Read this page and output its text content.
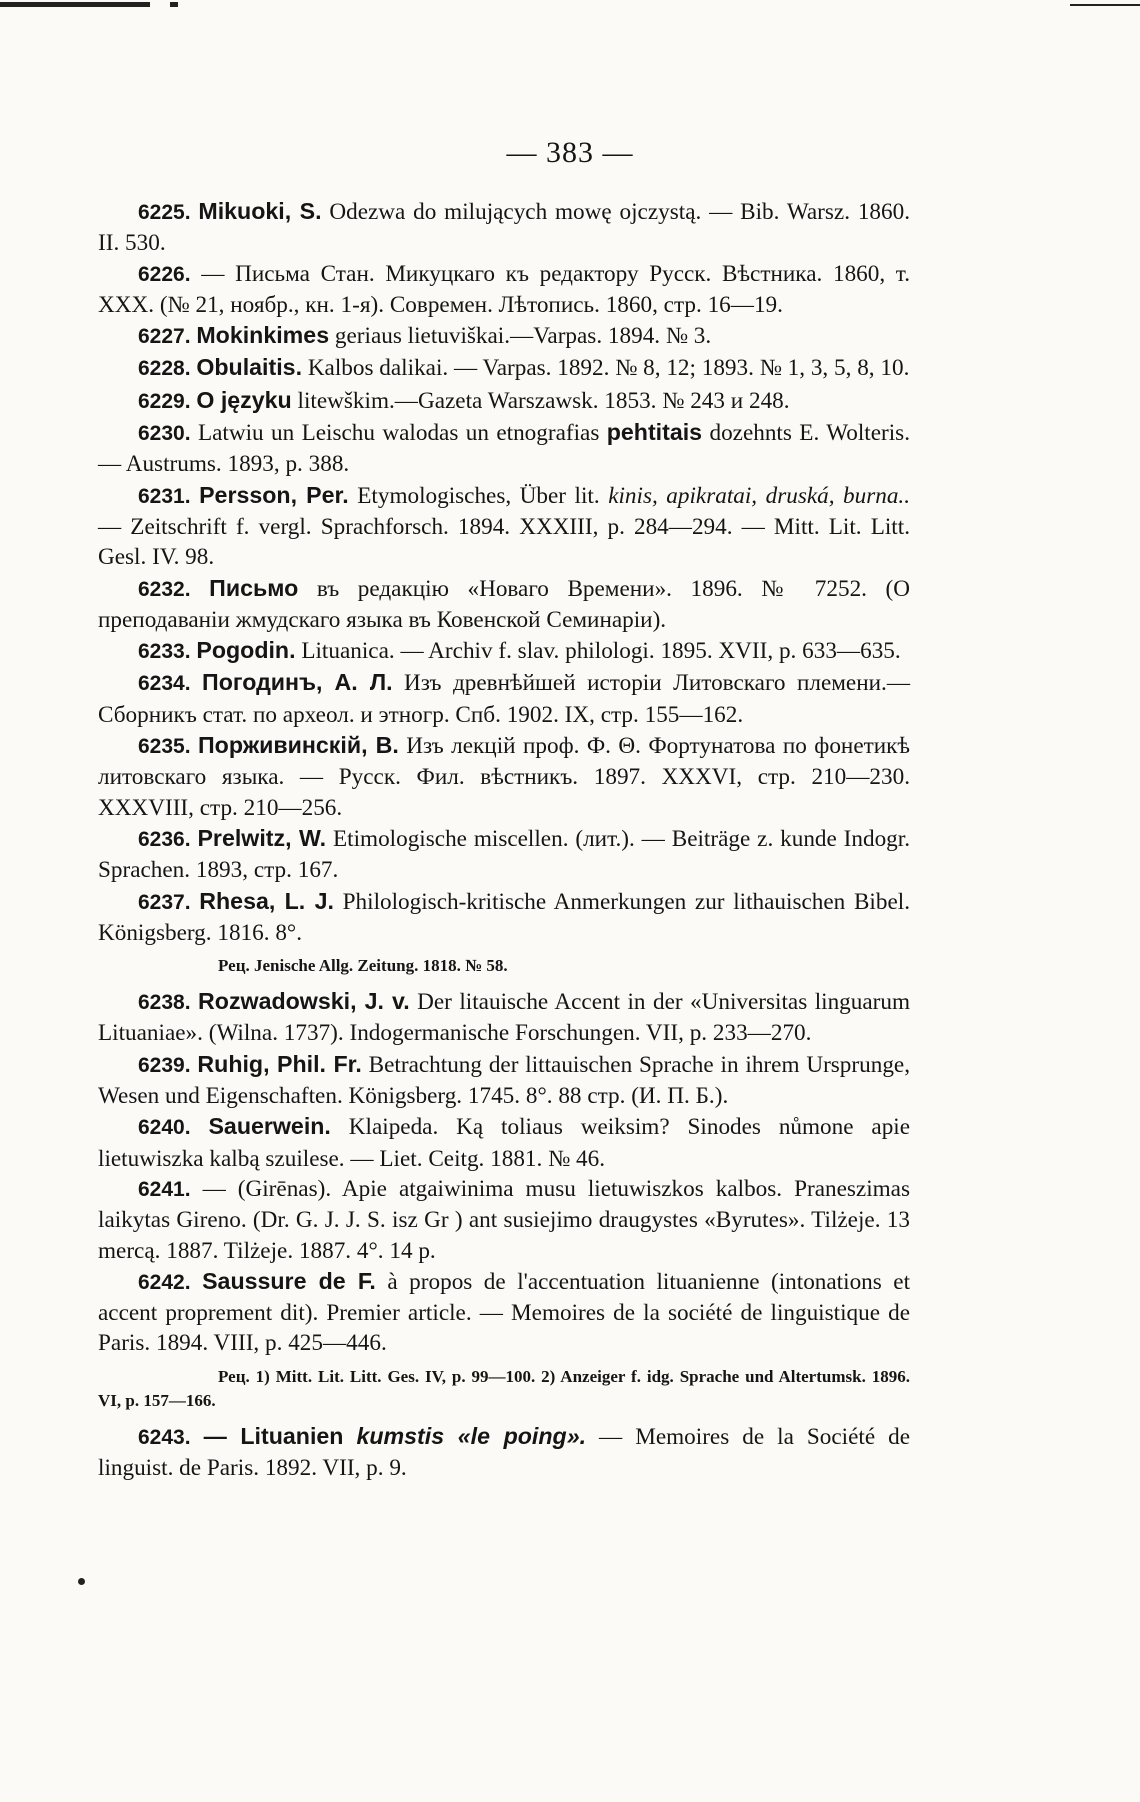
— 383 —

6225. Mikuoki, S. Odezwa do milujących mowę ojczystą. — Bib. Warsz. 1860. II. 530.

6226. — Письма Стан. Микуцкаго къ редактору Русск. Вѣстника. 1860, т. XXX. (№ 21, ноябр., кн. 1-я). Современ. Лѣтопись. 1860, стр. 16—19.

6227. Mokinkimes geriaus lietuviškai.—Varpas. 1894. № 3.

6228. Obulaitis. Kalbos dalikai. — Varpas. 1892. № 8, 12; 1893. № 1, 3, 5, 8, 10.

6229. O języku litewškim.—Gazeta Warszawsk. 1853. № 243 и 248.

6230. Latwiu un Leischu walodas un etnografias pehtitais dozehnts E. Wolteris. — Austrums. 1893, p. 388.

6231. Persson, Per. Etymologisches, Über lit. kinis, apikratai, druská, burna.. — Zeitschrift f. vergl. Sprachforsch. 1894. XXXIII, p. 284—294. — Mitt. Lit. Litt. Gesl. IV. 98.

6232. Письмо въ редакцію «Новаго Времени». 1896. № 7252. (О преподаваніи жмудскаго языка въ Ковенской Семинаріи).

6233. Pogodin. Lituanica. — Archiv f. slav. philologi. 1895. XVII, p. 633—635.

6234. Погодинъ, А. Л. Изъ древнѣйшей исторіи Литовскаго племени.—Сборникъ стат. по археол. и этногр. Спб. 1902. IX, стр. 155—162.

6235. Порживинскій, В. Изъ лекцій проф. Ф. Θ. Фортунатова по фонетикѣ литовскаго языка. — Русск. Фил. вѣстникъ. 1897. XXXVI, стр. 210—230. XXXVIII, стр. 210—256.

6236. Prelwitz, W. Etimologische miscellen. (лит.). — Beiträge z. kunde Indogr. Sprachen. 1893, стр. 167.

6237. Rhesa, L. J. Philologisch-kritische Anmerkungen zur lithauischen Bibel. Königsberg. 1816. 8°.

Рец. Jenische Allg. Zeitung. 1818. № 58.

6238. Rozwadowski, J. v. Der litauische Accent in der «Universitas linguarum Lituaniae». (Wilna. 1737). Indogermanische Forschungen. VII, p. 233—270.

6239. Ruhig, Phil. Fr. Betrachtung der littauischen Sprache in ihrem Ursprunge, Wesen und Eigenschaften. Königsberg. 1745. 8°. 88 стр. (И. П. Б.).

6240. Sauerwein. Klaipeda. Ką toliaus weiksim? Sinodes nůmone apie lietuwiszka kalbą szuilese. — Liet. Ceitg. 1881. № 46.

6241. — (Girēnas). Apie atgaiwinima musu lietuwiszkos kalbos. Praneszimas laikytas Gireno. (Dr. G. J. J. S. isz Gr ) ant susiejimo draugystes «Byrutes». Tilżeje. 13 mercą. 1887. Tilżeje. 1887. 4°. 14 p.

6242. Saussure de F. à propos de l'accentuation lituanienne (intonations et accent proprement dit). Premier article. — Memoires de la société de linguistique de Paris. 1894. VIII, p. 425—446.

Рец. 1) Mitt. Lit. Litt. Ges. IV, p. 99—100. 2) Anzeiger f. idg. Sprache und Altertumsk. 1896. VI, p. 157—166.

6243. — Lituanien kumstis «le poing». — Memoires de la Société de linguist. de Paris. 1892. VII, p. 9.
